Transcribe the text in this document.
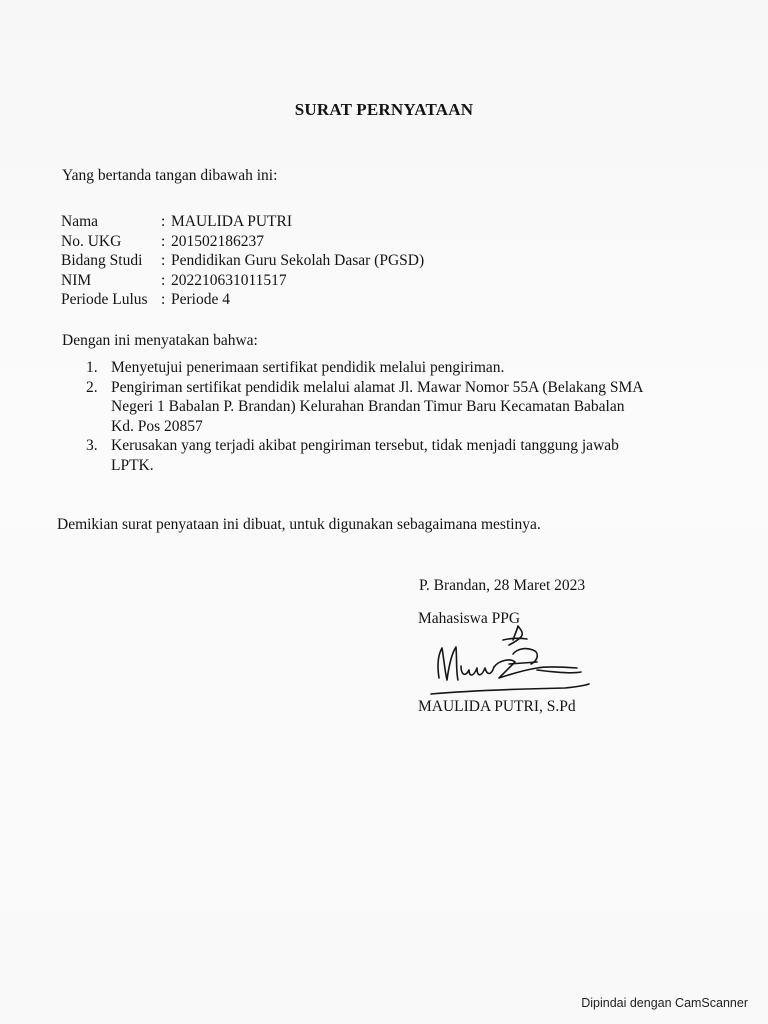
SURAT PERNYATAAN
Yang bertanda tangan dibawah ini:
Nama	: MAULIDA PUTRI
No. UKG	: 201502186237
Bidang Studi	: Pendidikan Guru Sekolah Dasar (PGSD)
NIM	: 202210631011517
Periode Lulus : Periode 4
Dengan ini menyatakan bahwa:
1. Menyetujui penerimaan sertifikat pendidik melalui pengiriman.
2. Pengiriman sertifikat pendidik melalui alamat Jl. Mawar Nomor 55A (Belakang SMA
Negeri 1 Babalan P. Brandan) Kelurahan Brandan Timur Baru Kecamatan Babalan
Kd. Pos 20857
3. Kerusakan yang terjadi akibat pengiriman tersebut, tidak menjadi tanggung jawab
LPTK.
Demikian surat penyataan ini dibuat, untuk digunakan sebagaimana mestinya.
P. Brandan, 28 Maret 2023
Mahasiswa PPG
MAULIDA PUTRI, S.Pd
Dipindai dengan CamScanner
